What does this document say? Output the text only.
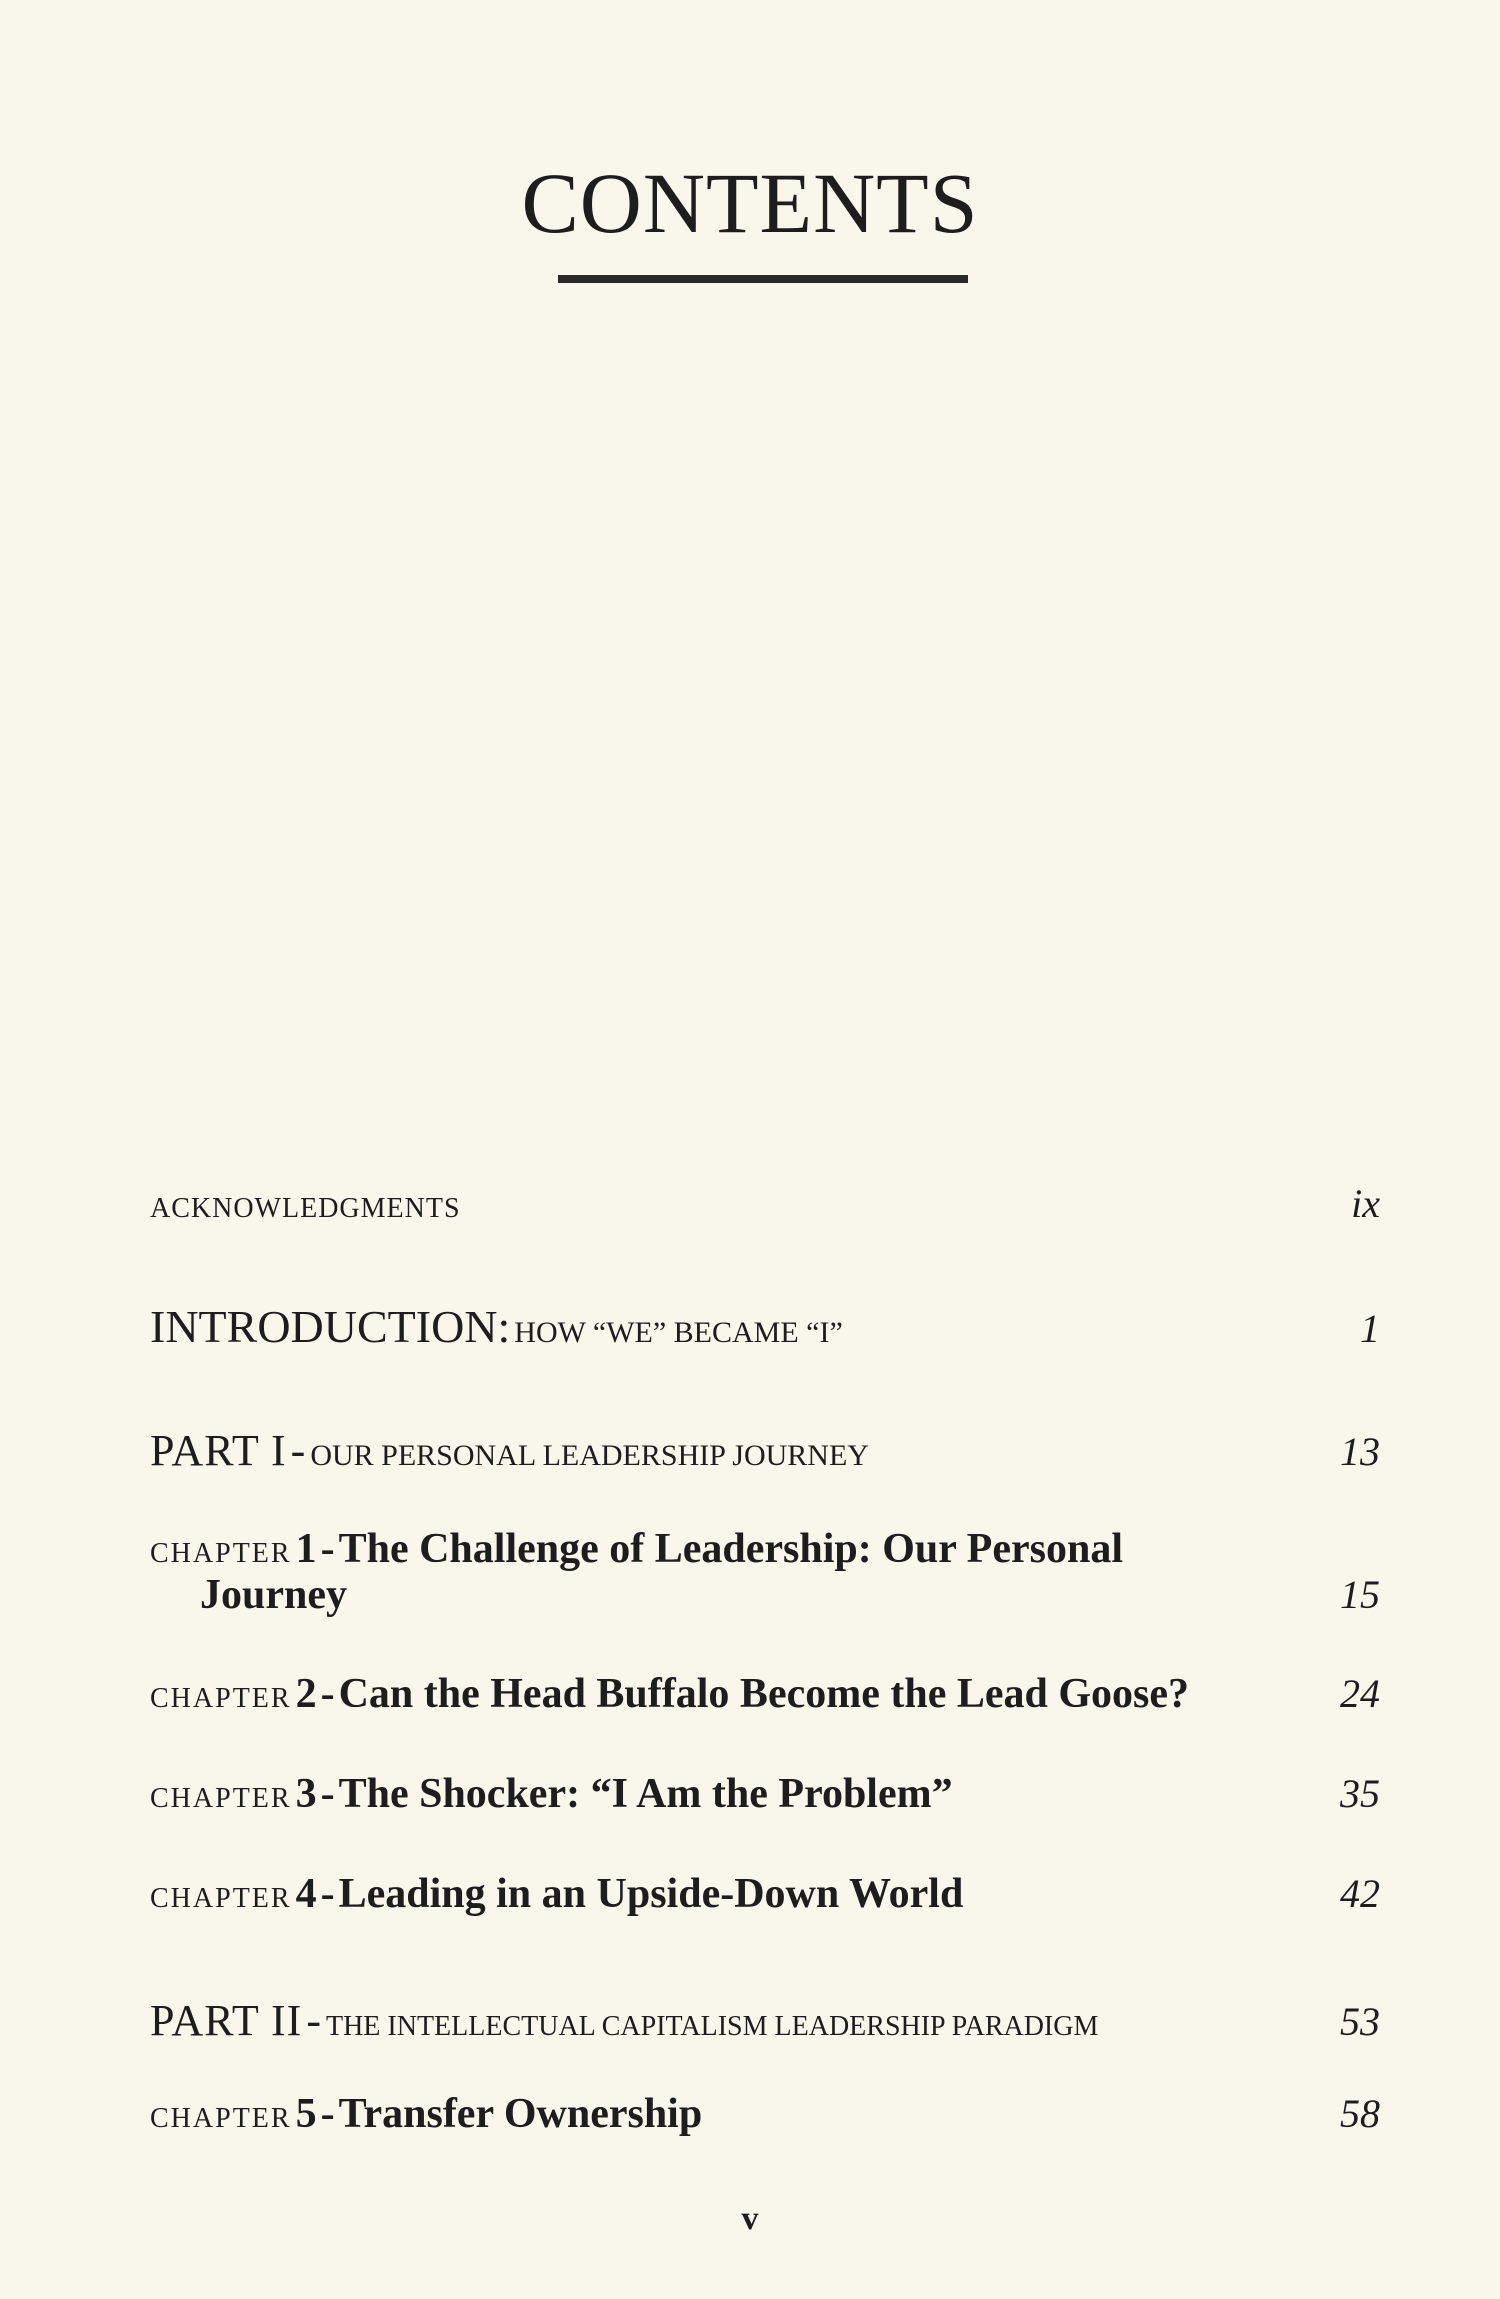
CONTENTS
ACKNOWLEDGMENTS	ix
INTRODUCTION: HOW “WE” BECAME “I”	1
PART I - OUR PERSONAL LEADERSHIP JOURNEY	13
CHAPTER 1 - The Challenge of Leadership: Our Personal
Journey	15
CHAPTER 2 - Can the Head Buffalo Become the Lead Goose?	24
CHAPTER 3 - The Shocker: “I Am the Problem”	35
CHAPTER 4 - Leading in an Upside-Down World	42
PART II - THE INTELLECTUAL CAPITALISM LEADERSHIP PARADIGM	53
CHAPTER 5 - Transfer Ownership	58
v
